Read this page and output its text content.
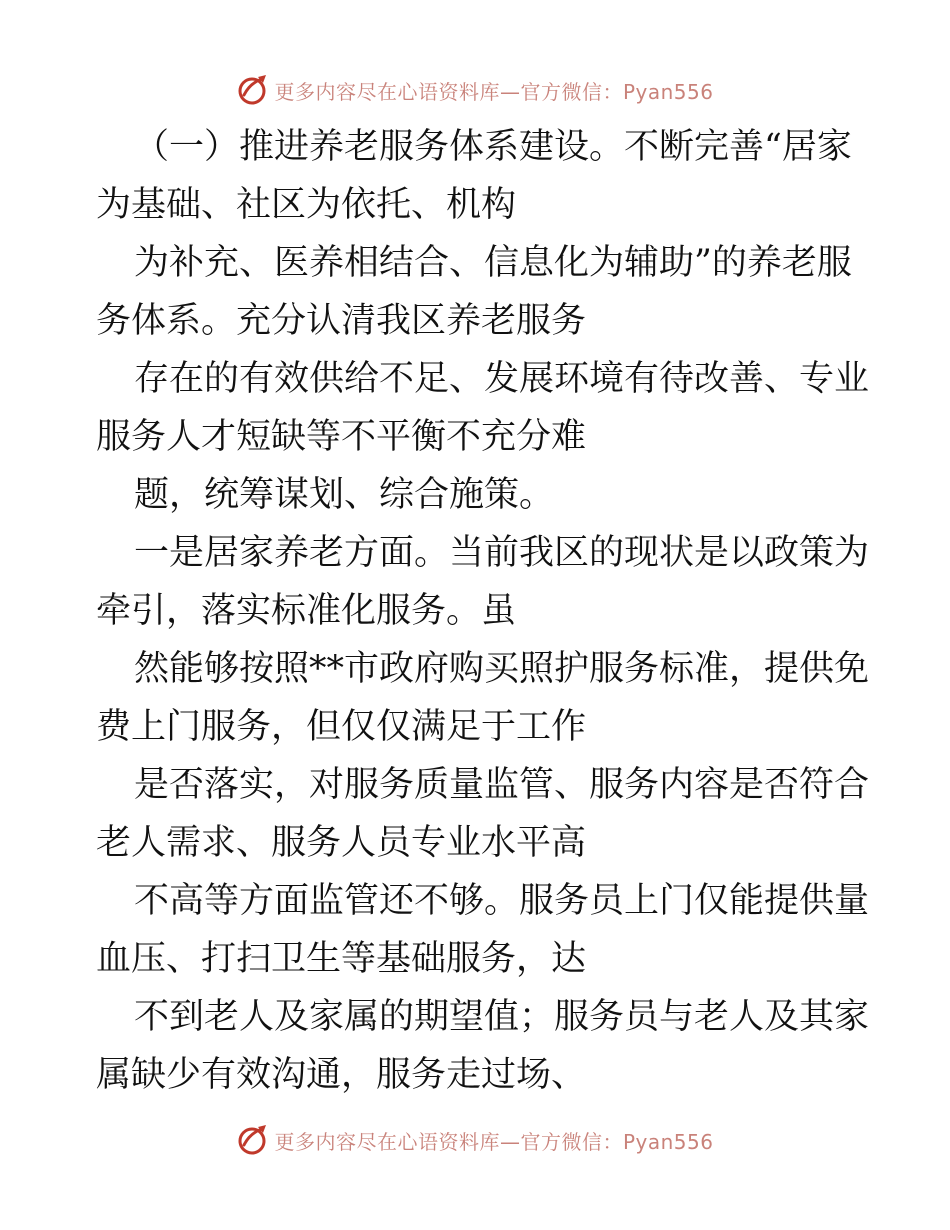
更多内容尽在心语资料库—官方微信：Pyan556

（一）推进养老服务体系建设。不断完善“居家
为基础、社区为依托、机构

为补充、医养相结合、信息化为辅助”的养老服
务体系。充分认清我区养老服务

存在的有效供给不足、发展环境有待改善、专业
服务人才短缺等不平衡不充分难

题，统筹谋划、综合施策。

一是居家养老方面。当前我区的现状是以政策为
牵引，落实标准化服务。虽

然能够按照**市政府购买照护服务标准，提供免
费上门服务，但仅仅满足于工作

是否落实，对服务质量监管、服务内容是否符合
老人需求、服务人员专业水平高

不高等方面监管还不够。服务员上门仅能提供量
血压、打扫卫生等基础服务，达

不到老人及家属的期望值；服务员与老人及其家
属缺少有效沟通，服务走过场、

更多内容尽在心语资料库—官方微信：Pyan556
